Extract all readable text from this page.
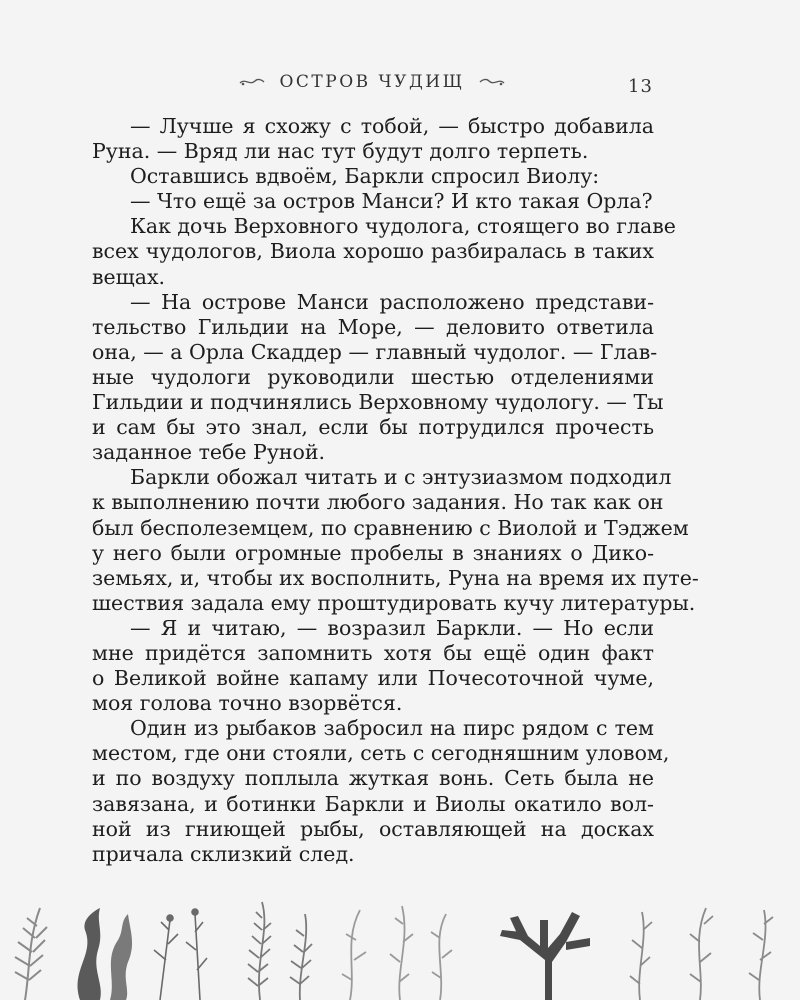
ОСТРОВ ЧУДИЩ	13
— Лучше я схожу с тобой, — быстро добавила
Руна. — Вряд ли нас тут будут долго терпеть.
Оставшись вдвоём, Баркли спросил Виолу:
— Что ещё за остров Манси? И кто такая Орла?
Как дочь Верховного чудолога, стоящего во главе
всех чудологов, Виола хорошо разбиралась в таких
вещах.
— На острове Манси расположено представи-
тельство Гильдии на Море, — деловито ответила
она, — а Орла Скаддер — главный чудолог. — Глав-
ные чудологи руководили шестью отделениями
Гильдии и подчинялись Верховному чудологу. — Ты
и сам бы это знал, если бы потрудился прочесть
заданное тебе Руной.
Баркли обожал читать и с энтузиазмом подходил
к выполнению почти любого задания. Но так как он
был бесполеземцем, по сравнению с Виолой и Тэджем
у него были огромные пробелы в знаниях о Дико-
земьях, и, чтобы их восполнить, Руна на время их путе-
шествия задала ему проштудировать кучу литературы.
— Я и читаю, — возразил Баркли. — Но если
мне придётся запомнить хотя бы ещё один факт
о Великой войне капаму или Почесоточной чуме,
моя голова точно взорвётся.
Один из рыбаков забросил на пирс рядом с тем
местом, где они стояли, сеть с сегодняшним уловом,
и по воздуху поплыла жуткая вонь. Сеть была не
завязана, и ботинки Баркли и Виолы окатило вол-
ной из гниющей рыбы, оставляющей на досках
причала склизкий след.
